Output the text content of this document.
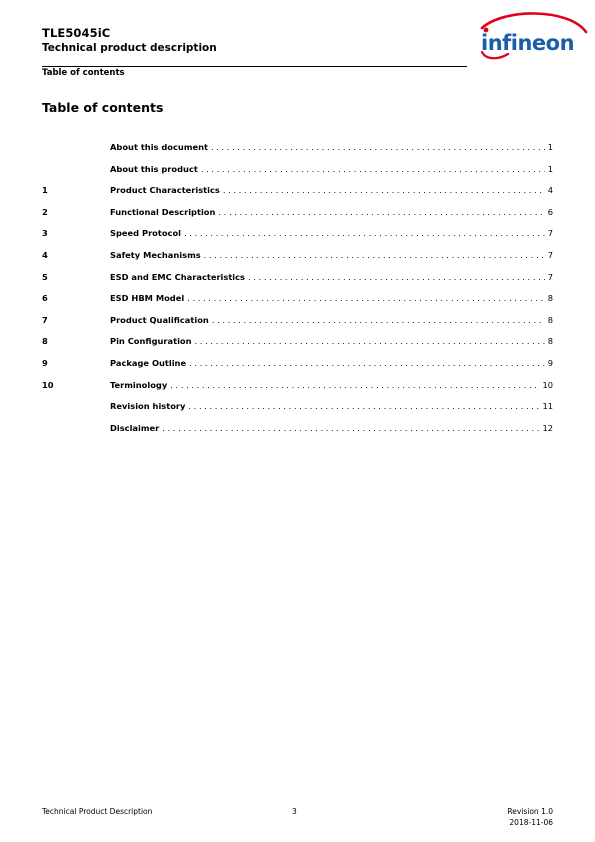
TLE5045iC
Technical product description
Table of contents
infineon
Table of contents
About this document . . .	1
About this product . . .	1
1	Product Characteristics . . .	4
2	Functional Description . . .	6
3	Speed Protocol . . .	7
4	Safety Mechanisms . . .	7
5	ESD and EMC Characteristics . . .	7
6	ESD HBM Model . . .	8
7	Product Qualification . . .	8
8	Pin Configuration . . .	8
9	Package Outline . . .	9
10	Terminology . . .	10
Revision history . . .	11
Disclaimer . . .	12
Technical Product Description	3	Revision 1.0
2018-11-06
